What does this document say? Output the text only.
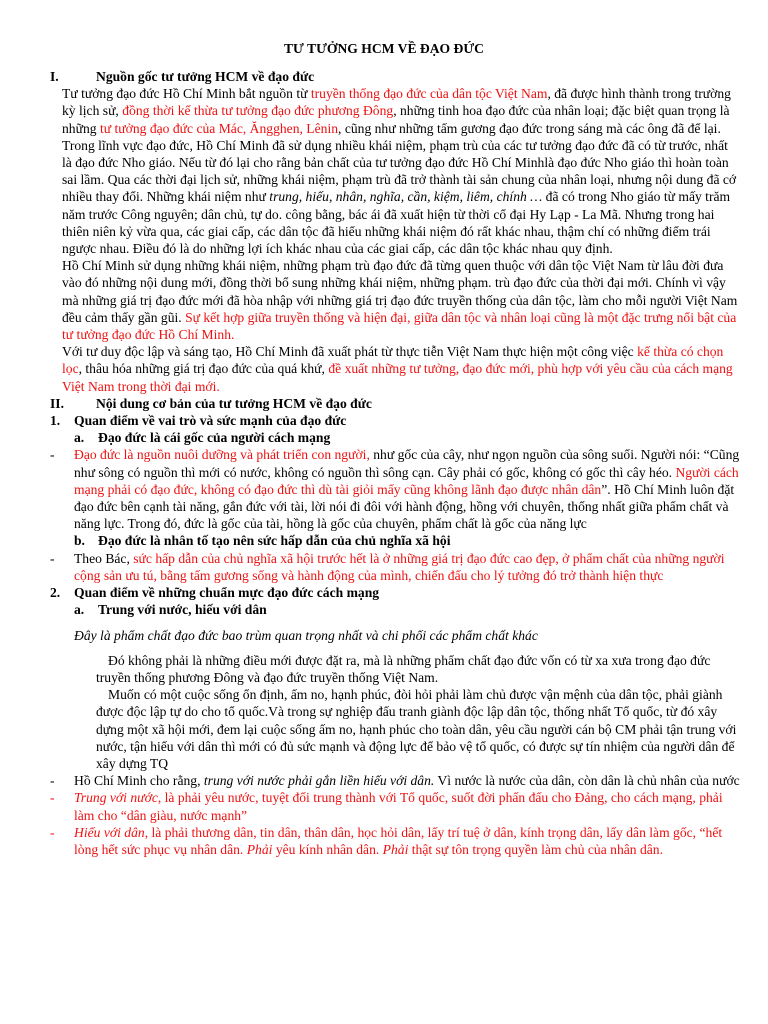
TƯ TƯỞNG HCM VỀ ĐẠO ĐỨC
I.	Nguồn gốc tư tưởng HCM về đạo đức

Tư tưởng đạo đức Hồ Chí Minh bắt nguồn từ truyền thống đạo đức của dân tộc Việt Nam, đã được hình thành trong trường kỳ lịch sử, đồng thời kế thừa tư tưởng đạo đức phương Đông, những tinh hoa đạo đức của nhân loại; đặc biệt quan trọng là những tư tưởng đạo đức của Mác, Ăngghen, Lênin, cũng như những tấm gương đạo đức trong sáng mà các ông đã để lại.

Trong lĩnh vực đạo đức, Hồ Chí Minh đã sử dụng nhiều khái niệm, phạm trù của các tư tưởng đạo đức đã có từ trước, nhất là đạo đức Nho giáo. Nếu từ đó lại cho rằng bản chất của tư tưởng đạo đức Hồ Chí Minhlà đạo đức Nho giáo thì hoàn toàn sai lầm. Qua các thời đại lịch sử, những khái niệm, phạm trù đã trở thành tài sản chung của nhân loại, nhưng nội dung đã cớ nhiều thay đổi. Những khái niệm như trung, hiếu, nhân, nghĩa, cần, kiệm, liêm, chính … đã có trong Nho giáo từ mấy trăm năm trước Công nguyên; dân chủ, tự do. công bằng, bác ái đã xuất hiện từ thời cổ đại Hy Lạp - La Mã. Nhưng trong hai thiên niên kỷ vừa qua, các giai cấp, các dân tộc đã hiểu những khái niệm đó rất khác nhau, thậm chí có những điểm trái ngược nhau. Điều đó là do những lợi ích khác nhau của các giai cấp, các dân tộc khác nhau quy định.

Hồ Chí Minh sử dụng những khái niệm, những phạm trù đạo đức đã từng quen thuộc với dân tộc Việt Nam từ lâu đời đưa vào đó những nội dung mới, đồng thời bổ sung những khái niệm, những phạm. trù đạo đức của thời đại mới. Chính vì vậy mà những giá trị đạo đức mới đã hòa nhập với những giá trị đạo đức truyền thống của dân tộc, làm cho mỗi người Việt Nam đều cảm thấy gần gũi. Sự kết hợp giữa truyền thống và hiện đại, giữa dân tộc và nhân loại cũng là một đặc trưng nổi bật của tư tưởng đạo đức Hồ Chí Minh.

Với tư duy độc lập và sáng tạo, Hồ Chí Minh đã xuất phát từ thực tiễn Việt Nam thực hiện một công việc kế thừa có chọn lọc, thâu hóa những giá trị đạo đức của quá khứ, đề xuất những tư tưởng, đạo đức mới, phù hợp với yêu cầu của cách mạng Việt Nam trong thời đại mới.

II. Nội dung cơ bản của tư tưởng HCM về đạo đức
1. Quan điểm về vai trò và sức mạnh của đạo đức
a. Đạo đức là cái gốc của người cách mạng
- Đạo đức là nguồn nuôi dưỡng và phát triển con người, như gốc của cây, như ngọn nguồn của sông suối. Người nói: “Cũng như sông có nguồn thì mới có nước, không có nguồn thì sông cạn. Cây phải có gốc, không có gốc thì cây héo. Người cách mạng phải có đạo đức, không có đạo đức thì dù tài giỏi mấy cũng không lãnh đạo được nhân dân”. Hồ Chí Minh luôn đặt đạo đức bên cạnh tài năng, gắn đức với tài, lời nói đi đôi với hành động, hồng với chuyên, thống nhất giữa phẩm chất và năng lực. Trong đó, đức là gốc của tài, hồng là gốc của chuyên, phẩm chất là gốc của năng lực

b. Đạo đức là nhân tố tạo nên sức hấp dẫn của chủ nghĩa xã hội
- Theo Bác, sức hấp dẫn của chủ nghĩa xã hội trước hết là ở những giá trị đạo đức cao đẹp, ở phẩm chất của những người cộng sản ưu tú, bằng tấm gương sống và hành động của mình, chiến đấu cho lý tưởng đó trở thành hiện thực

2. Quan điểm về những chuẩn mực đạo đức cách mạng
a. Trung với nước, hiếu với dân

Đây là phẩm chất đạo đức bao trùm quan trọng nhất và chi phối các phẩm chất khác

Đó không phải là những điều mới được đặt ra, mà là những phẩm chất đạo đức vốn có từ xa xưa trong đạo đức truyền thống phương Đông và đạo đức truyền thống Việt Nam.

Muốn có một cuộc sống ổn định, ấm no, hạnh phúc, đòi hỏi phải làm chủ được vận mệnh của dân tộc, phải giành được độc lập tự do cho tổ quốc.Và trong sự nghiệp đấu tranh giành độc lập dân tộc, thống nhất Tổ quốc, từ đó xây dựng một xã hội mới, đem lại cuộc sống ấm no, hạnh phúc cho toàn dân, yêu cầu người cán bộ CM phải tận trung với nước, tận hiếu với dân thì mới có đủ sức mạnh và động lực để bảo vệ tổ quốc, có được sự tín nhiệm của người dân để xây dựng TQ

- Hồ Chí Minh cho rằng, trung với nước phải gắn liền hiếu với dân. Vì nước là nước của dân, còn dân là chủ nhân của nước

- Trung với nước, là phải yêu nước, tuyệt đối trung thành với Tổ quốc, suốt đời phấn đấu cho Đảng, cho cách mạng, phải làm cho “dân giàu, nước mạnh”

- Hiếu với dân, là phải thương dân, tin dân, thân dân, học hỏi dân, lấy trí tuệ ở dân, kính trọng dân, lấy dân làm gốc, “hết lòng hết sức phục vụ nhân dân. Phải yêu kính nhân dân. Phải thật sự tôn trọng quyền làm chủ của nhân dân.
